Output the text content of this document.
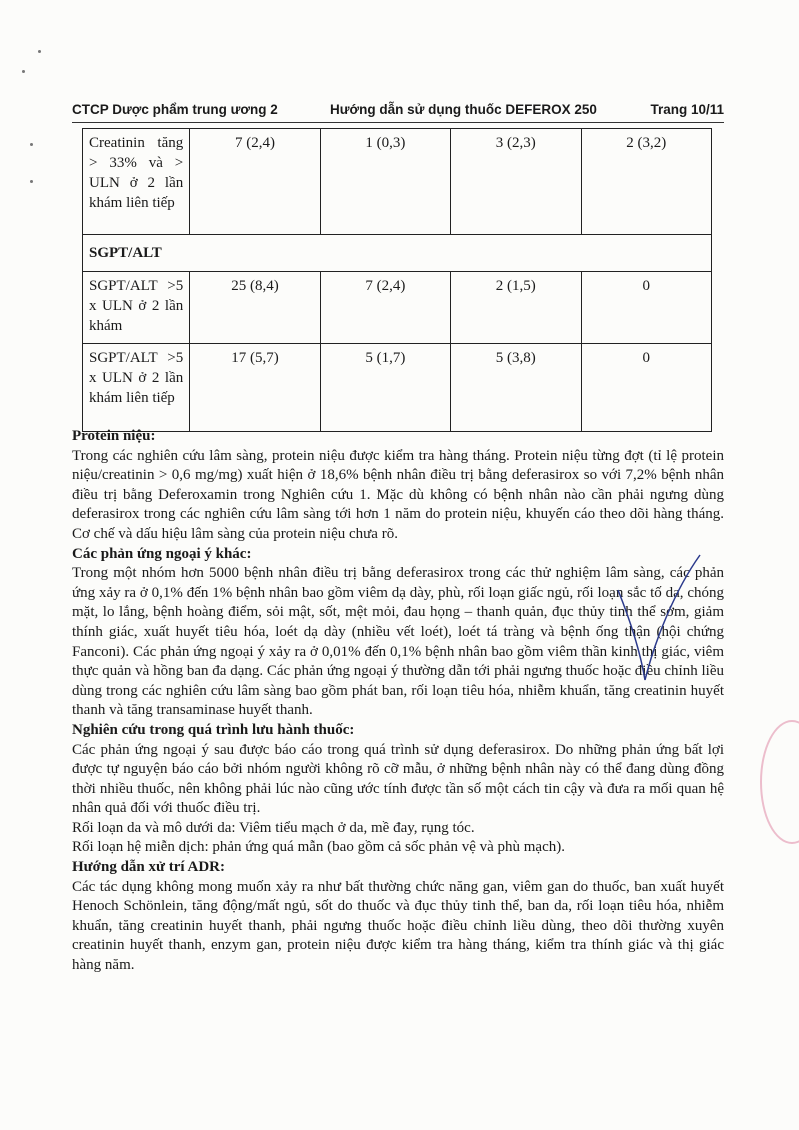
CTCP Dược phẩm trung ương 2	Hướng dẫn sử dụng thuốc DEFEROX 250	Trang 10/11
Creatinin tăng > 33% và > ULN ở 2 lần khám liên tiếp	7 (2,4)	1 (0,3)	3 (2,3)	2 (3,2)
SGPT/ALT				
SGPT/ALT >5 x ULN ở 2 lần khám	25 (8,4)	7 (2,4)	2 (1,5)	0
SGPT/ALT >5 x ULN ở 2 lần khám liên tiếp	17 (5,7)	5 (1,7)	5 (3,8)	0
Protein niệu:

Trong các nghiên cứu lâm sàng, protein niệu được kiểm tra hàng tháng. Protein niệu từng đợt (tỉ lệ protein niệu/creatinin > 0,6 mg/mg) xuất hiện ở 18,6% bệnh nhân điều trị bằng deferasirox so với 7,2% bệnh nhân điều trị bằng Deferoxamin trong Nghiên cứu 1. Mặc dù không có bệnh nhân nào cần phải ngưng dùng deferasirox trong các nghiên cứu lâm sàng tới hơn 1 năm do protein niệu, khuyến cáo theo dõi hàng tháng. Cơ chế và dấu hiệu lâm sàng của protein niệu chưa rõ.

Các phản ứng ngoại ý khác:

Trong một nhóm hơn 5000 bệnh nhân điều trị bằng deferasirox trong các thử nghiệm lâm sàng, các phản ứng xảy ra ở 0,1% đến 1% bệnh nhân bao gồm viêm dạ dày, phù, rối loạn giấc ngủ, rối loạn sắc tố da, chóng mặt, lo lắng, bệnh hoàng điểm, sỏi mật, sốt, mệt mỏi, đau họng – thanh quản, đục thủy tinh thể sớm, giảm thính giác, xuất huyết tiêu hóa, loét dạ dày (nhiều vết loét), loét tá tràng và bệnh ống thận (hội chứng Fanconi). Các phản ứng ngoại ý xảy ra ở 0,01% đến 0,1% bệnh nhân bao gồm viêm thần kinh thị giác, viêm thực quản và hồng ban đa dạng. Các phản ứng ngoại ý thường dẫn tới phải ngưng thuốc hoặc điều chỉnh liều dùng trong các nghiên cứu lâm sàng bao gồm phát ban, rối loạn tiêu hóa, nhiễm khuẩn, tăng creatinin huyết thanh và tăng transaminase huyết thanh.

Nghiên cứu trong quá trình lưu hành thuốc:

Các phản ứng ngoại ý sau được báo cáo trong quá trình sử dụng deferasirox. Do những phản ứng bất lợi được tự nguyện báo cáo bởi nhóm người không rõ cỡ mẫu, ở những bệnh nhân này có thể đang dùng đồng thời nhiều thuốc, nên không phải lúc nào cũng ước tính được tần số một cách tin cậy và đưa ra mối quan hệ nhân quả đối với thuốc điều trị.

Rối loạn da và mô dưới da: Viêm tiểu mạch ở da, mề đay, rụng tóc.

Rối loạn hệ miễn dịch: phản ứng quá mẫn (bao gồm cả sốc phản vệ và phù mạch).

Hướng dẫn xử trí ADR:

Các tác dụng không mong muốn xảy ra như bất thường chức năng gan, viêm gan do thuốc, ban xuất huyết Henoch Schönlein, tăng động/mất ngủ, sốt do thuốc và đục thủy tinh thể, ban da, rối loạn tiêu hóa, nhiễm khuẩn, tăng creatinin huyết thanh, phải ngưng thuốc hoặc điều chỉnh liều dùng, theo dõi thường xuyên creatinin huyết thanh, enzym gan, protein niệu được kiểm tra hàng tháng, kiểm tra thính giác và thị giác hàng năm.
